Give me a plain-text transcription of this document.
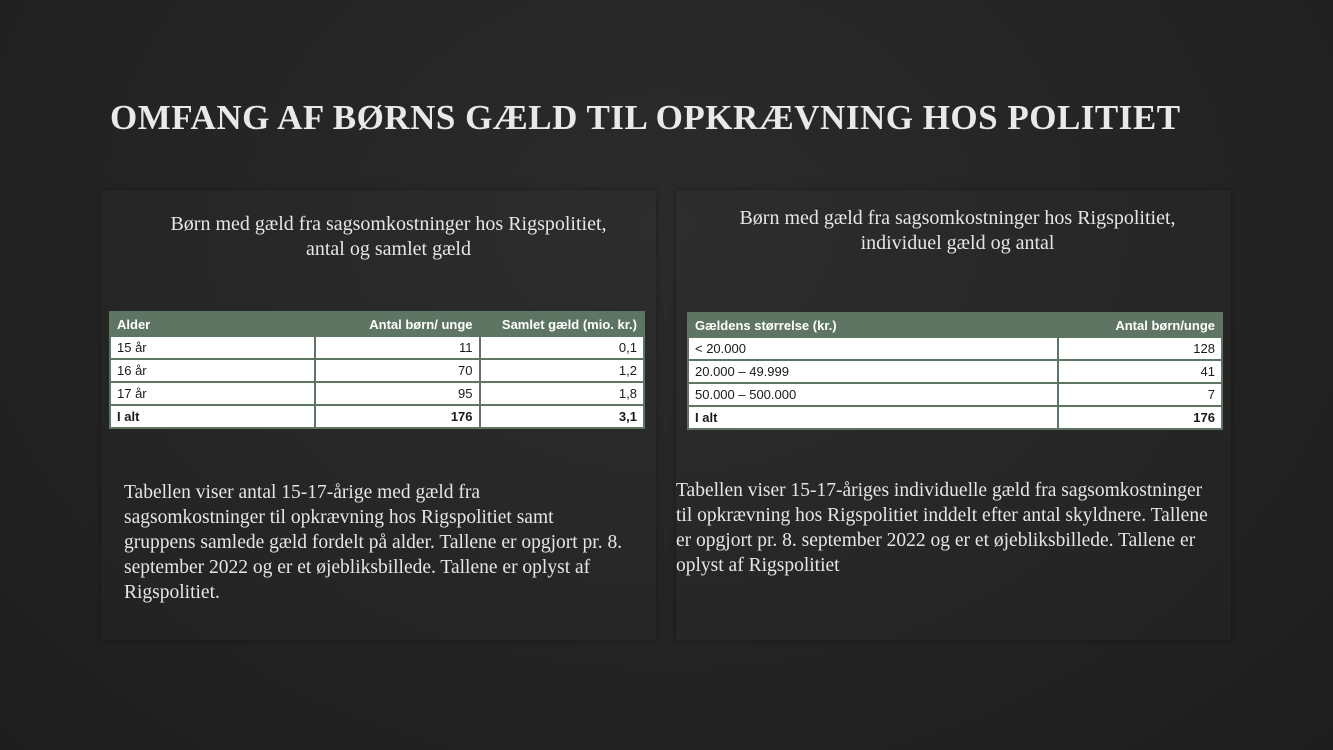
OMFANG AF BØRNS GÆLD TIL OPKRÆVNING HOS POLITIET
Børn med gæld fra sagsomkostninger hos Rigspolitiet,
antal og samlet gæld
Børn med gæld fra sagsomkostninger hos Rigspolitiet,
individuel gæld og antal
Alder	Antal børn/ unge	Samlet gæld (mio. kr.)
15 år	11	0,1
16 år	70	1,2
17 år	95	1,8
I alt	176	3,1
Gældens størrelse (kr.)	Antal børn/unge
< 20.000	128
20.000 – 49.999	41
50.000 – 500.000	7
I alt	176
Tabellen viser antal 15-17-årige med gæld fra sagsomkostninger til opkrævning hos Rigspolitiet samt gruppens samlede gæld fordelt på alder. Tallene er opgjort pr. 8. september 2022 og er et øjebliksbillede. Tallene er oplyst af Rigspolitiet.
Tabellen viser 15-17-åriges individuelle gæld fra sagsomkostninger til opkrævning hos Rigspolitiet inddelt efter antal skyldnere. Tallene er opgjort pr. 8. september 2022 og er et øjebliksbillede. Tallene er oplyst af Rigspolitiet
